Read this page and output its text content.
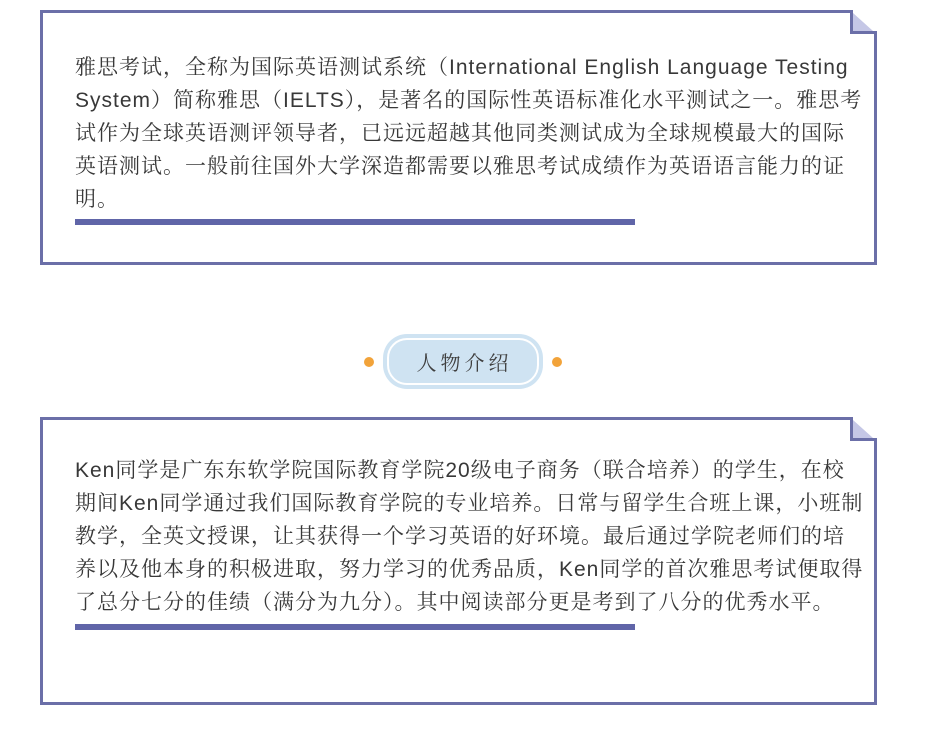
雅思考试，全称为国际英语测试系统（International English Language Testing System）简称雅思（IELTS），是著名的国际性英语标准化水平测试之一。雅思考试作为全球英语测评领导者，已远远超越其他同类测试成为全球规模最大的国际英语测试。一般前往国外大学深造都需要以雅思考试成绩作为英语语言能力的证明。

人物介绍

Ken同学是广东东软学院国际教育学院20级电子商务（联合培养）的学生，在校期间Ken同学通过我们国际教育学院的专业培养。日常与留学生合班上课，小班制教学，全英文授课，让其获得一个学习英语的好环境。最后通过学院老师们的培养以及他本身的积极进取，努力学习的优秀品质，Ken同学的首次雅思考试便取得了总分七分的佳绩（满分为九分）。其中阅读部分更是考到了八分的优秀水平。
